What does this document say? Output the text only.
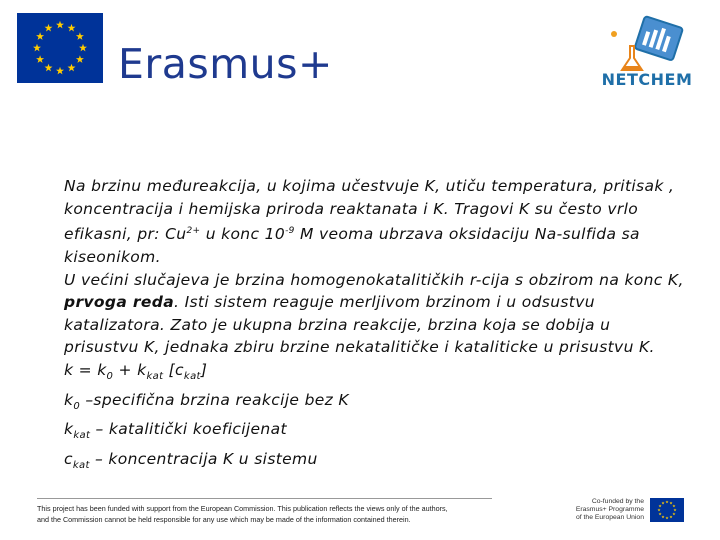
Erasmus+	NETCHEM

Na brzinu međureakcija, u kojima učestvuje K, utiču temperatura, pritisak , koncentracija i hemijska priroda reaktanata i K. Tragovi K su često vrlo efikasni, pr: $Cu^{2+}$ u konc $10^{-9}$ M veoma ubrzava oksidaciju Na-sulfida sa kiseonikom.

U većini slučajeva je brzina homogenokatalitičkih r-cija s obzirom na konc K, prvoga reda. Isti sistem reaguje merljivom brzinom i u odsustvu katalizatora. Zato je ukupna brzina reakcije, brzina koja se dobija u prisustvu K, jednaka zbiru brzine nekatalitičke i kataliticke u prisustvu K.

$k = k_0 + k_{kat}$ $[c_{kat}]$

$k_0$ –specifična brzina reakcije bez K

$k_{kat}$ – katalitički koeficijenat

$c_{kat}$ – koncentracija K u sistemu

This project has been funded with support from the European Commission. This publication reflects the views only of the authors,
and the Commission cannot be held responsible for any use which may be made of the information contained therein.
Co-funded by the
Erasmus+ Programme
of the European Union
